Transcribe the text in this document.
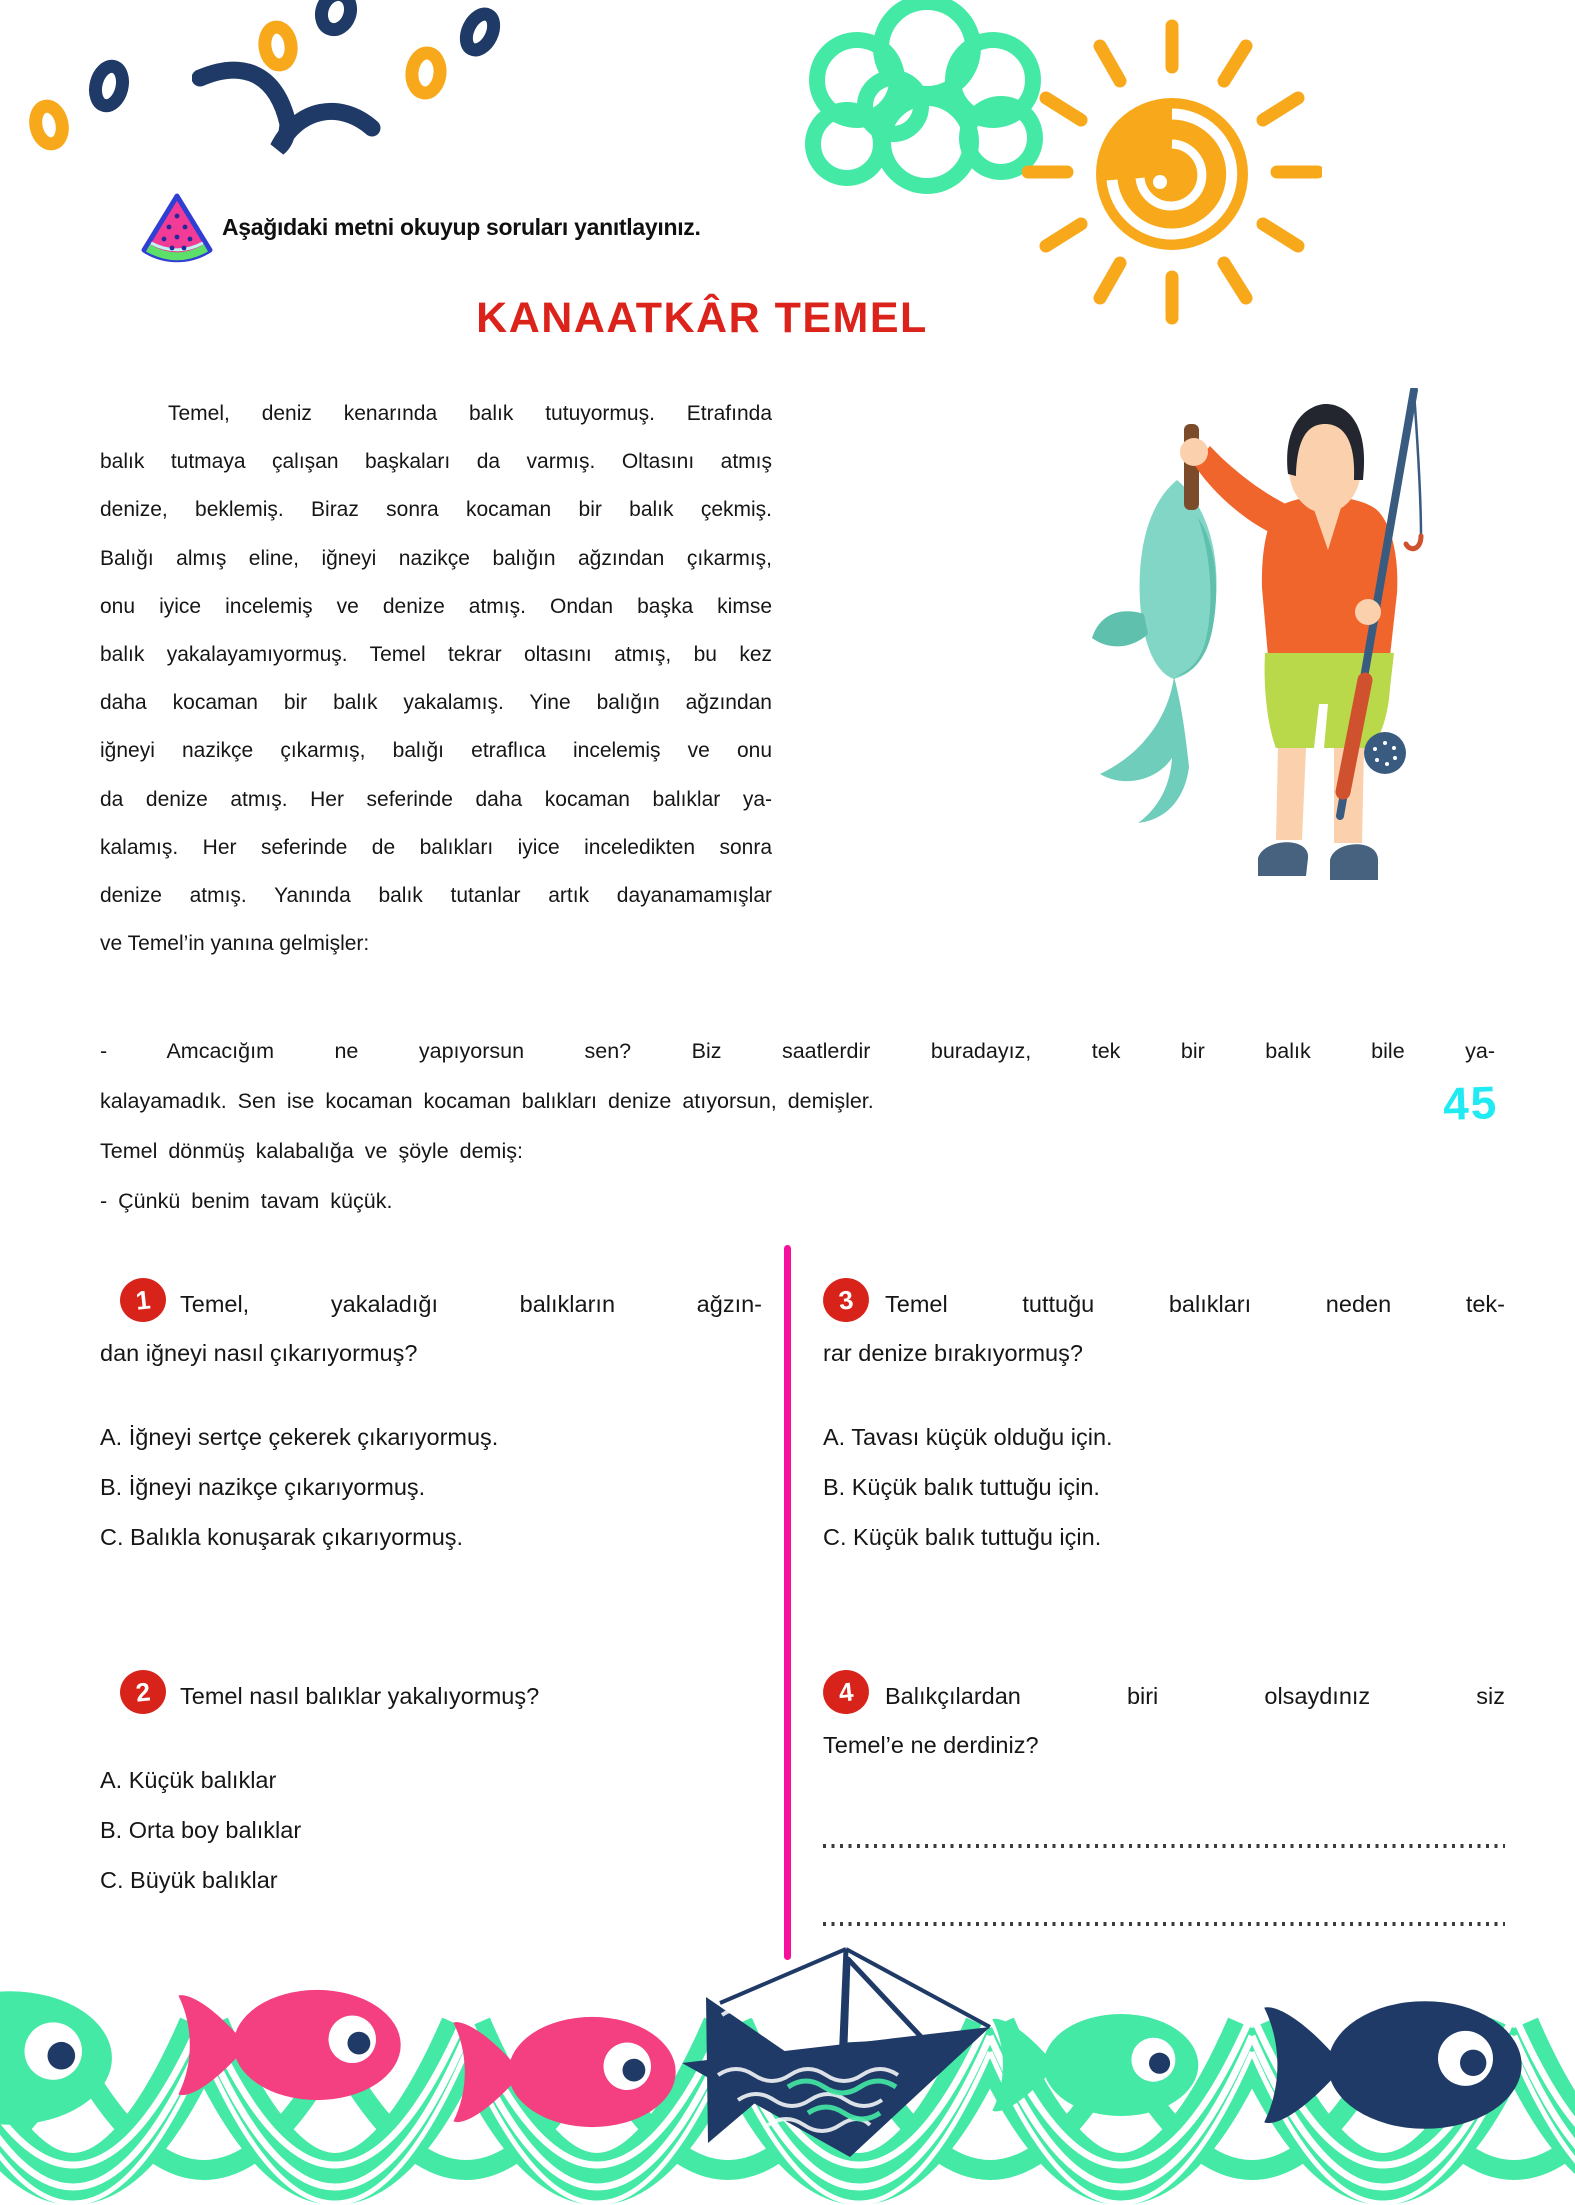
Aşağıdaki metni okuyup soruları yanıtlayınız.
KANAATKÂR TEMEL
Temel, deniz kenarında balık tutuyormuş. Etrafında
balık tutmaya çalışan başkaları da varmış. Oltasını atmış
denize, beklemiş. Biraz sonra kocaman bir balık çekmiş.
Balığı almış eline, iğneyi nazikçe balığın ağzından çıkarmış,
onu iyice incelemiş ve denize atmış. Ondan başka kimse
balık yakalayamıyormuş. Temel tekrar oltasını atmış, bu kez
daha kocaman bir balık yakalamış. Yine balığın ağzından
iğneyi nazikçe çıkarmış, balığı etraflıca incelemiş ve onu
da denize atmış. Her seferinde daha kocaman balıklar ya-
kalamış. Her seferinde de balıkları iyice inceledikten sonra
denize atmış. Yanında balık tutanlar artık dayanamamışlar
ve Temel’in yanına gelmişler:
- Amcacığım ne yapıyorsun sen? Biz saatlerdir buradayız, tek bir balık bile ya-
kalayamadık. Sen ise kocaman kocaman balıkları denize atıyorsun, demişler.
Temel dönmüş kalabalığa ve şöyle demiş:
- Çünkü benim tavam küçük.
45
1	Temel, yakaladığı balıkların ağzın-
dan iğneyi nasıl çıkarıyormuş?
A. İğneyi sertçe çekerek çıkarıyormuş.
B. İğneyi nazikçe çıkarıyormuş.
C. Balıkla konuşarak çıkarıyormuş.
2	Temel nasıl balıklar yakalıyormuş?
A. Küçük balıklar
B. Orta boy balıklar
C. Büyük balıklar
3	Temel tuttuğu balıkları neden tek-
rar denize bırakıyormuş?
A. Tavası küçük olduğu için.
B. Küçük balık tuttuğu için.
C. Küçük balık tuttuğu için.
4	Balıkçılardan biri olsaydınız siz
Temel’e ne derdiniz?
